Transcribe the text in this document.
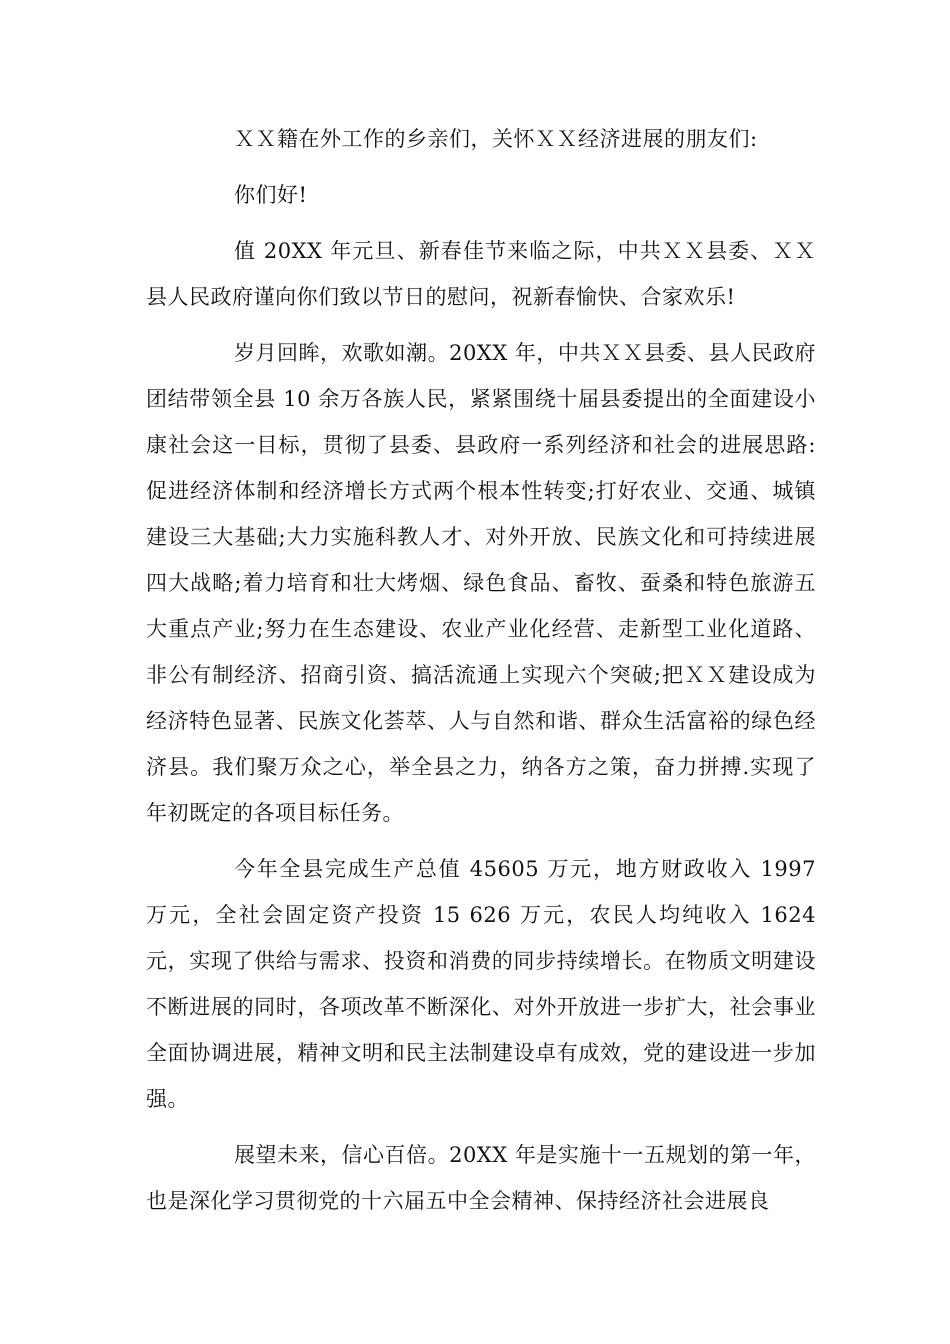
ＸＸ籍在外工作的乡亲们，关怀ＸＸ经济进展的朋友们:

你们好!

值 20XX 年元旦、新春佳节来临之际，中共ＸＸ县委、ＸＸ县人民政府谨向你们致以节日的慰问，祝新春愉快、合家欢乐!

岁月回眸，欢歌如潮。20XX 年，中共ＸＸ县委、县人民政府团结带领全县 10 余万各族人民，紧紧围绕十届县委提出的全面建设小康社会这一目标，贯彻了县委、县政府一系列经济和社会的进展思路:促进经济体制和经济增长方式两个根本性转变;打好农业、交通、城镇建设三大基础;大力实施科教人才、对外开放、民族文化和可持续进展四大战略;着力培育和壮大烤烟、绿色食品、畜牧、蚕桑和特色旅游五大重点产业;努力在生态建设、农业产业化经营、走新型工业化道路、非公有制经济、招商引资、搞活流通上实现六个突破;把ＸＸ建设成为经济特色显著、民族文化荟萃、人与自然和谐、群众生活富裕的绿色经济县。我们聚万众之心，举全县之力，纳各方之策，奋力拼搏.实现了年初既定的各项目标任务。

今年全县完成生产总值 45605 万元，地方财政收入 1997 万元，全社会固定资产投资 15 626 万元，农民人均纯收入 1624 元，实现了供给与需求、投资和消费的同步持续增长。在物质文明建设不断进展的同时，各项改革不断深化、对外开放进一步扩大，社会事业全面协调进展，精神文明和民主法制建设卓有成效，党的建设进一步加强。

展望未来，信心百倍。20XX 年是实施十一五规划的第一年，也是深化学习贯彻党的十六届五中全会精神、保持经济社会进展良
